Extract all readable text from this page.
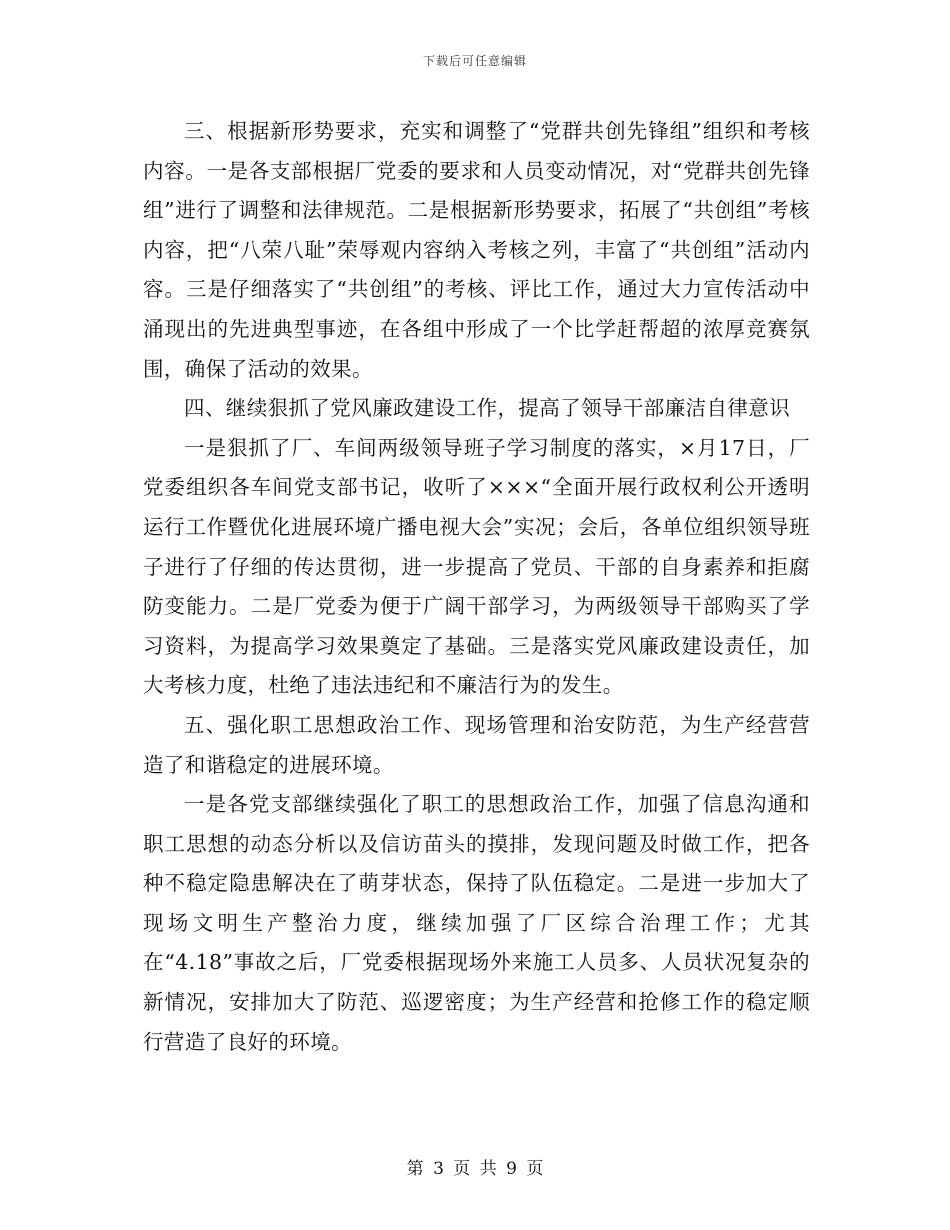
下载后可任意编辑

三、根据新形势要求，充实和调整了“党群共创先锋组”组织和考核内容。一是各支部根据厂党委的要求和人员变动情况，对“党群共创先锋组”进行了调整和法律规范。二是根据新形势要求，拓展了“共创组”考核内容，把“八荣八耻”荣辱观内容纳入考核之列，丰富了“共创组”活动内容。三是仔细落实了“共创组”的考核、评比工作，通过大力宣传活动中涌现出的先进典型事迹，在各组中形成了一个比学赶帮超的浓厚竞赛氛围，确保了活动的效果。

四、继续狠抓了党风廉政建设工作，提高了领导干部廉洁自律意识

一是狠抓了厂、车间两级领导班子学习制度的落实，×月17日，厂党委组织各车间党支部书记，收听了×××“全面开展行政权利公开透明运行工作暨优化进展环境广播电视大会”实况；会后，各单位组织领导班子进行了仔细的传达贯彻，进一步提高了党员、干部的自身素养和拒腐防变能力。二是厂党委为便于广阔干部学习，为两级领导干部购买了学习资料，为提高学习效果奠定了基础。三是落实党风廉政建设责任，加大考核力度，杜绝了违法违纪和不廉洁行为的发生。

五、强化职工思想政治工作、现场管理和治安防范，为生产经营营造了和谐稳定的进展环境。

一是各党支部继续强化了职工的思想政治工作，加强了信息沟通和职工思想的动态分析以及信访苗头的摸排，发现问题及时做工作，把各种不稳定隐患解决在了萌芽状态，保持了队伍稳定。二是进一步加大了现场文明生产整治力度，继续加强了厂区综合治理工作；尤其在“4.18”事故之后，厂党委根据现场外来施工人员多、人员状况复杂的新情况，安排加大了防范、巡逻密度；为生产经营和抢修工作的稳定顺行营造了良好的环境。

第 3 页 共 9 页
